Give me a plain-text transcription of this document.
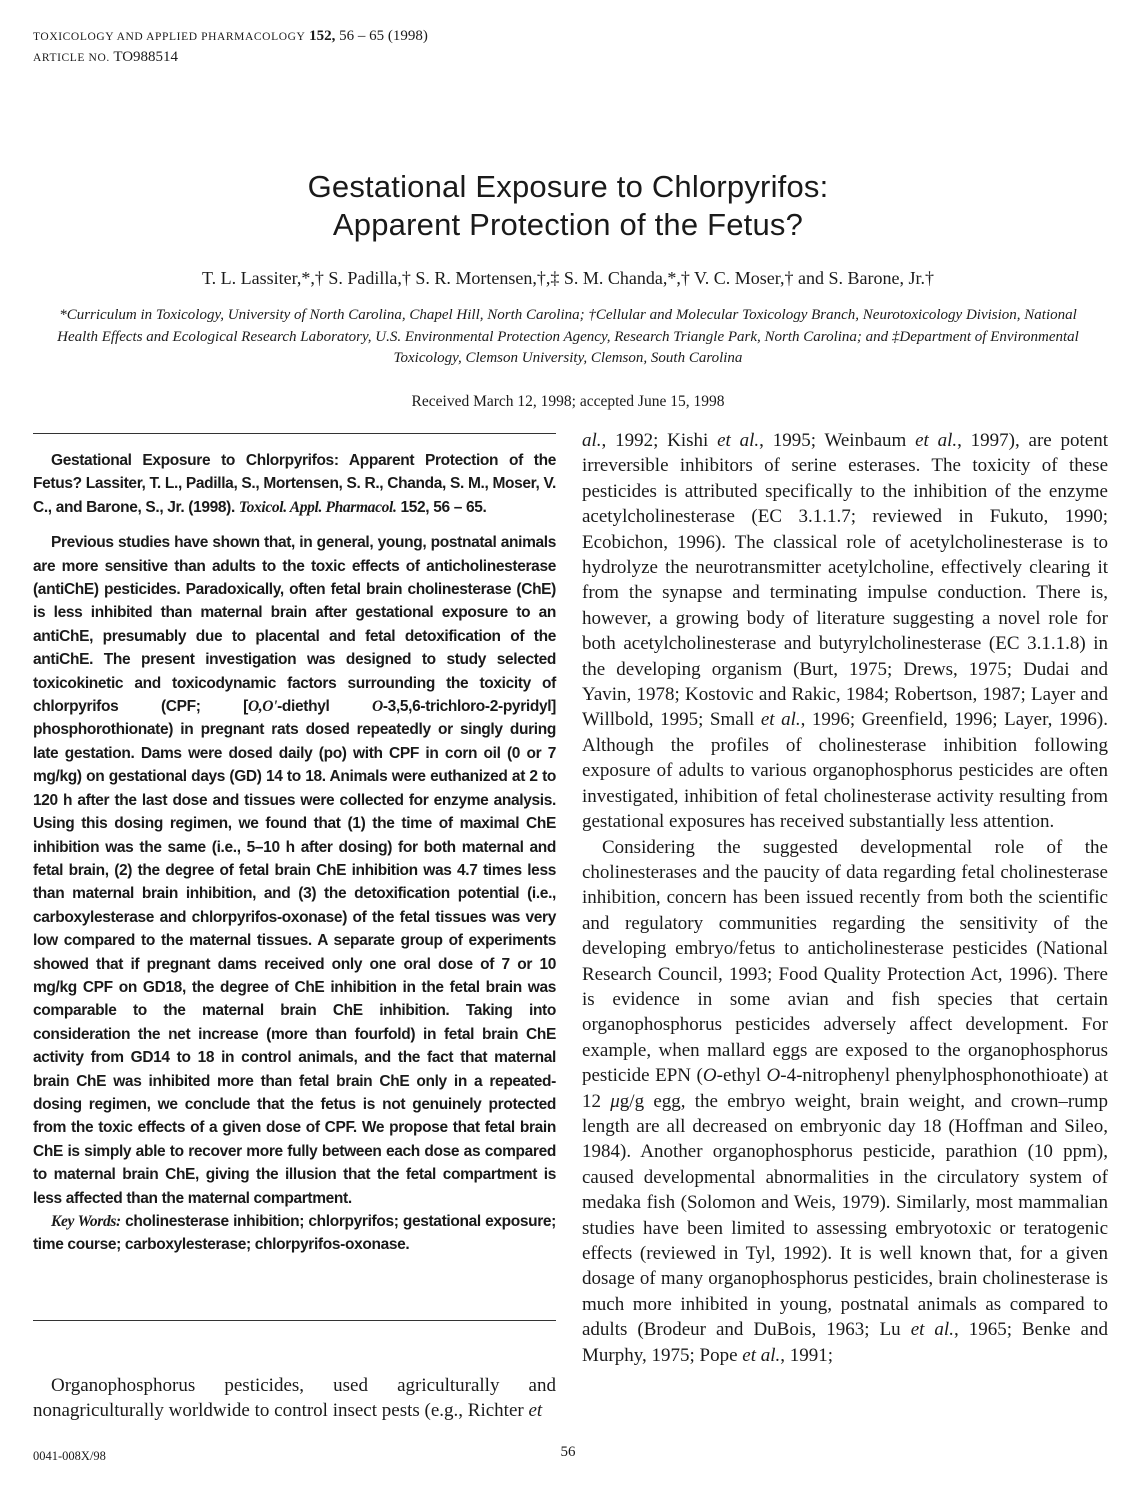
TOXICOLOGY AND APPLIED PHARMACOLOGY 152, 56 – 65 (1998)
ARTICLE NO. TO988514
Gestational Exposure to Chlorpyrifos:
Apparent Protection of the Fetus?
T. L. Lassiter,*,† S. Padilla,† S. R. Mortensen,†,‡ S. M. Chanda,*,† V. C. Moser,† and S. Barone, Jr.†
*Curriculum in Toxicology, University of North Carolina, Chapel Hill, North Carolina; †Cellular and Molecular Toxicology Branch, Neurotoxicology Division, National Health Effects and Ecological Research Laboratory, U.S. Environmental Protection Agency, Research Triangle Park, North Carolina; and ‡Department of Environmental Toxicology, Clemson University, Clemson, South Carolina
Received March 12, 1998; accepted June 15, 1998

Gestational Exposure to Chlorpyrifos: Apparent Protection of the Fetus? Lassiter, T. L., Padilla, S., Mortensen, S. R., Chanda, S. M., Moser, V. C., and Barone, S., Jr. (1998). Toxicol. Appl. Pharmacol. 152, 56 – 65.

Previous studies have shown that, in general, young, postnatal animals are more sensitive than adults to the toxic effects of anticholinesterase (antiChE) pesticides. Paradoxically, often fetal brain cholinesterase (ChE) is less inhibited than maternal brain after gestational exposure to an antiChE, presumably due to placental and fetal detoxification of the antiChE. The present investigation was designed to study selected toxicokinetic and toxicodynamic factors surrounding the toxicity of chlorpyrifos (CPF; [O,O'-diethyl O-3,5,6-trichloro-2-pyridyl] phosphorothionate) in pregnant rats dosed repeatedly or singly during late gestation. Dams were dosed daily (po) with CPF in corn oil (0 or 7 mg/kg) on gestational days (GD) 14 to 18. Animals were euthanized at 2 to 120 h after the last dose and tissues were collected for enzyme analysis. Using this dosing regimen, we found that (1) the time of maximal ChE inhibition was the same (i.e., 5–10 h after dosing) for both maternal and fetal brain, (2) the degree of fetal brain ChE inhibition was 4.7 times less than maternal brain inhibition, and (3) the detoxification potential (i.e., carboxylesterase and chlorpyrifos-oxonase) of the fetal tissues was very low compared to the maternal tissues. A separate group of experiments showed that if pregnant dams received only one oral dose of 7 or 10 mg/kg CPF on GD18, the degree of ChE inhibition in the fetal brain was comparable to the maternal brain ChE inhibition. Taking into consideration the net increase (more than fourfold) in fetal brain ChE activity from GD14 to 18 in control animals, and the fact that maternal brain ChE was inhibited more than fetal brain ChE only in a repeated-dosing regimen, we conclude that the fetus is not genuinely protected from the toxic effects of a given dose of CPF. We propose that fetal brain ChE is simply able to recover more fully between each dose as compared to maternal brain ChE, giving the illusion that the fetal compartment is less affected than the maternal compartment.

Key Words: cholinesterase inhibition; chlorpyrifos; gestational exposure; time course; carboxylesterase; chlorpyrifos-oxonase.

Organophosphorus pesticides, used agriculturally and nonagriculturally worldwide to control insect pests (e.g., Richter et

al., 1992; Kishi et al., 1995; Weinbaum et al., 1997), are potent irreversible inhibitors of serine esterases. The toxicity of these pesticides is attributed specifically to the inhibition of the enzyme acetylcholinesterase (EC 3.1.1.7; reviewed in Fukuto, 1990; Ecobichon, 1996). The classical role of acetylcholinesterase is to hydrolyze the neurotransmitter acetylcholine, effectively clearing it from the synapse and terminating impulse conduction. There is, however, a growing body of literature suggesting a novel role for both acetylcholinesterase and butyrylcholinesterase (EC 3.1.1.8) in the developing organism (Burt, 1975; Drews, 1975; Dudai and Yavin, 1978; Kostovic and Rakic, 1984; Robertson, 1987; Layer and Willbold, 1995; Small et al., 1996; Greenfield, 1996; Layer, 1996). Although the profiles of cholinesterase inhibition following exposure of adults to various organophosphorus pesticides are often investigated, inhibition of fetal cholinesterase activity resulting from gestational exposures has received substantially less attention.

Considering the suggested developmental role of the cholinesterases and the paucity of data regarding fetal cholinesterase inhibition, concern has been issued recently from both the scientific and regulatory communities regarding the sensitivity of the developing embryo/fetus to anticholinesterase pesticides (National Research Council, 1993; Food Quality Protection Act, 1996). There is evidence in some avian and fish species that certain organophosphorus pesticides adversely affect development. For example, when mallard eggs are exposed to the organophosphorus pesticide EPN (O-ethyl O-4-nitrophenyl phenylphosphonothioate) at 12 μg/g egg, the embryo weight, brain weight, and crown–rump length are all decreased on embryonic day 18 (Hoffman and Sileo, 1984). Another organophosphorus pesticide, parathion (10 ppm), caused developmental abnormalities in the circulatory system of medaka fish (Solomon and Weis, 1979). Similarly, most mammalian studies have been limited to assessing embryotoxic or teratogenic effects (reviewed in Tyl, 1992). It is well known that, for a given dosage of many organophosphorus pesticides, brain cholinesterase is much more inhibited in young, postnatal animals as compared to adults (Brodeur and DuBois, 1963; Lu et al., 1965; Benke and Murphy, 1975; Pope et al., 1991;

0041-008X/98	56
